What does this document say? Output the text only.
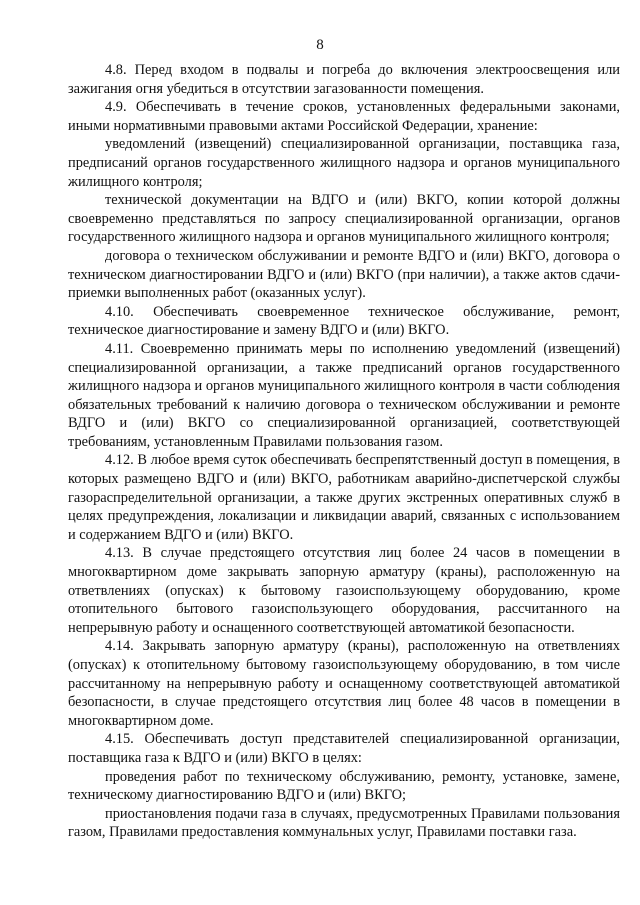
8

4.8. Перед входом в подвалы и погреба до включения электроосвещения или зажигания огня убедиться в отсутствии загазованности помещения.

4.9. Обеспечивать в течение сроков, установленных федеральными законами, иными нормативными правовыми актами Российской Федерации, хранение:

уведомлений (извещений) специализированной организации, поставщика газа, предписаний органов государственного жилищного надзора и органов муниципального жилищного контроля;

технической документации на ВДГО и (или) ВКГО, копии которой должны своевременно представляться по запросу специализированной организации, органов государственного жилищного надзора и органов муниципального жилищного контроля;

договора о техническом обслуживании и ремонте ВДГО и (или) ВКГО, договора о техническом диагностировании ВДГО и (или) ВКГО (при наличии), а также актов сдачи-приемки выполненных работ (оказанных услуг).

4.10. Обеспечивать своевременное техническое обслуживание, ремонт, техническое диагностирование и замену ВДГО и (или) ВКГО.

4.11. Своевременно принимать меры по исполнению уведомлений (извещений) специализированной организации, а также предписаний органов государственного жилищного надзора и органов муниципального жилищного контроля в части соблюдения обязательных требований к наличию договора о техническом обслуживании и ремонте ВДГО и (или) ВКГО со специализированной организацией, соответствующей требованиям, установленным Правилами пользования газом.

4.12. В любое время суток обеспечивать беспрепятственный доступ в помещения, в которых размещено ВДГО и (или) ВКГО, работникам аварийно-диспетчерской службы газораспределительной организации, а также других экстренных оперативных служб в целях предупреждения, локализации и ликвидации аварий, связанных с использованием и содержанием ВДГО и (или) ВКГО.

4.13. В случае предстоящего отсутствия лиц более 24 часов в помещении в многоквартирном доме закрывать запорную арматуру (краны), расположенную на ответвлениях (опусках) к бытовому газоиспользующему оборудованию, кроме отопительного бытового газоиспользующего оборудования, рассчитанного на непрерывную работу и оснащенного соответствующей автоматикой безопасности.

4.14. Закрывать запорную арматуру (краны), расположенную на ответвлениях (опусках) к отопительному бытовому газоиспользующему оборудованию, в том числе рассчитанному на непрерывную работу и оснащенному соответствующей автоматикой безопасности, в случае предстоящего отсутствия лиц более 48 часов в помещении в многоквартирном доме.

4.15. Обеспечивать доступ представителей специализированной организации, поставщика газа к ВДГО и (или) ВКГО в целях:

проведения работ по техническому обслуживанию, ремонту, установке, замене, техническому диагностированию ВДГО и (или) ВКГО;

приостановления подачи газа в случаях, предусмотренных Правилами пользования газом, Правилами предоставления коммунальных услуг, Правилами поставки газа.
